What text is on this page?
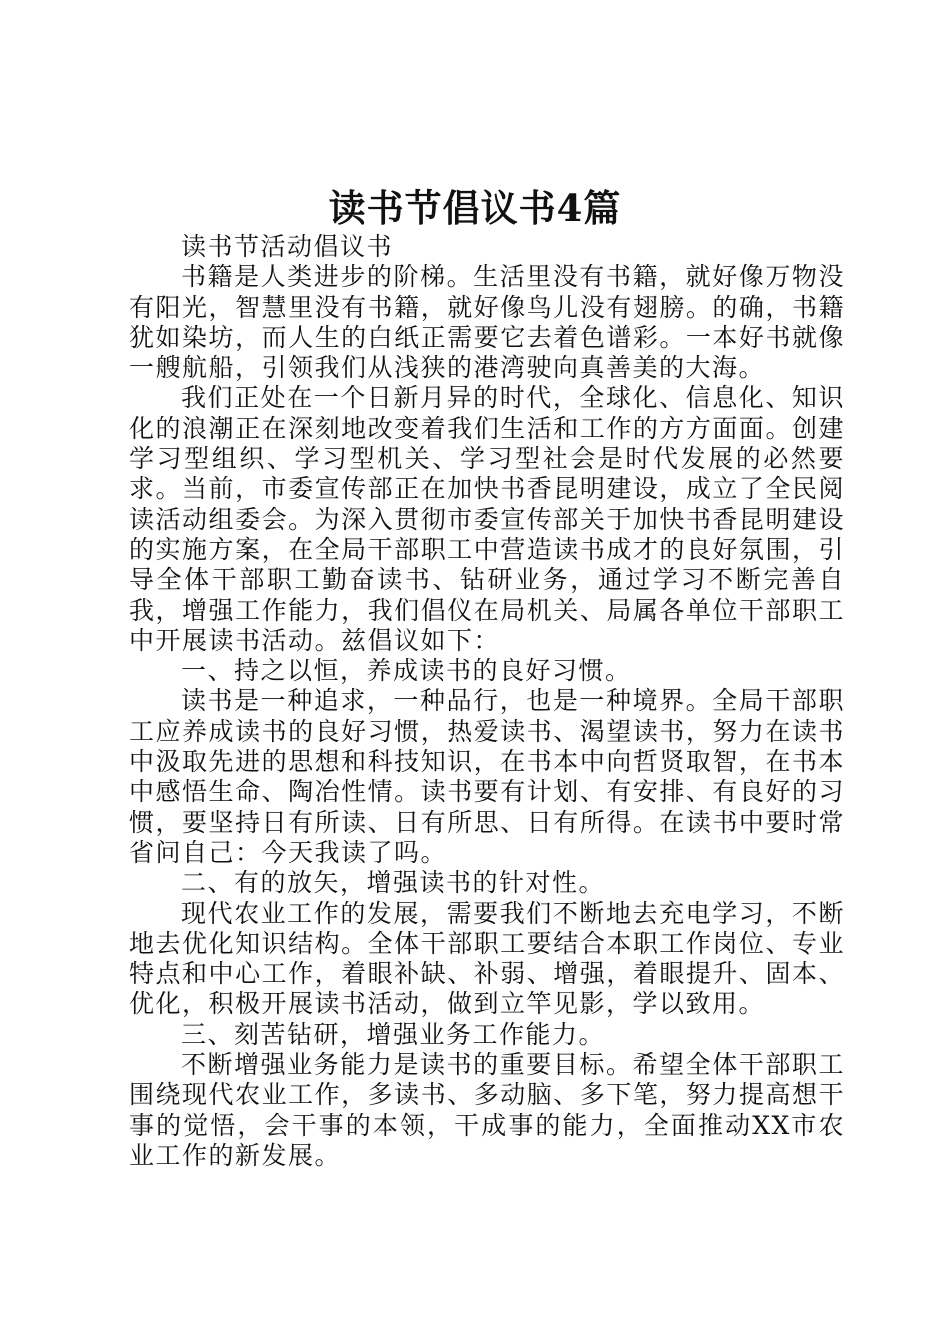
读书节倡议书4篇

读书节活动倡议书

书籍是人类进步的阶梯。生活里没有书籍，就好像万物没有阳光，智慧里没有书籍，就好像鸟儿没有翅膀。的确，书籍犹如染坊，而人生的白纸正需要它去着色谱彩。一本好书就像一艘航船，引领我们从浅狭的港湾驶向真善美的大海。

我们正处在一个日新月异的时代，全球化、信息化、知识化的浪潮正在深刻地改变着我们生活和工作的方方面面。创建学习型组织、学习型机关、学习型社会是时代发展的必然要求。当前，市委宣传部正在加快书香昆明建设，成立了全民阅读活动组委会。为深入贯彻市委宣传部关于加快书香昆明建设的实施方案，在全局干部职工中营造读书成才的良好氛围，引导全体干部职工勤奋读书、钻研业务，通过学习不断完善自我，增强工作能力，我们倡仪在局机关、局属各单位干部职工中开展读书活动。兹倡议如下：

一、持之以恒，养成读书的良好习惯。

读书是一种追求，一种品行，也是一种境界。全局干部职工应养成读书的良好习惯，热爱读书、渴望读书，努力在读书中汲取先进的思想和科技知识，在书本中向哲贤取智，在书本中感悟生命、陶冶性情。读书要有计划、有安排、有良好的习惯，要坚持日有所读、日有所思、日有所得。在读书中要时常省问自己：今天我读了吗。

二、有的放矢，增强读书的针对性。

现代农业工作的发展，需要我们不断地去充电学习，不断地去优化知识结构。全体干部职工要结合本职工作岗位、专业特点和中心工作，着眼补缺、补弱、增强，着眼提升、固本、优化，积极开展读书活动，做到立竿见影，学以致用。

三、刻苦钻研，增强业务工作能力。

不断增强业务能力是读书的重要目标。希望全体干部职工围绕现代农业工作，多读书、多动脑、多下笔，努力提高想干事的觉悟，会干事的本领，干成事的能力，全面推动XX市农业工作的新发展。
